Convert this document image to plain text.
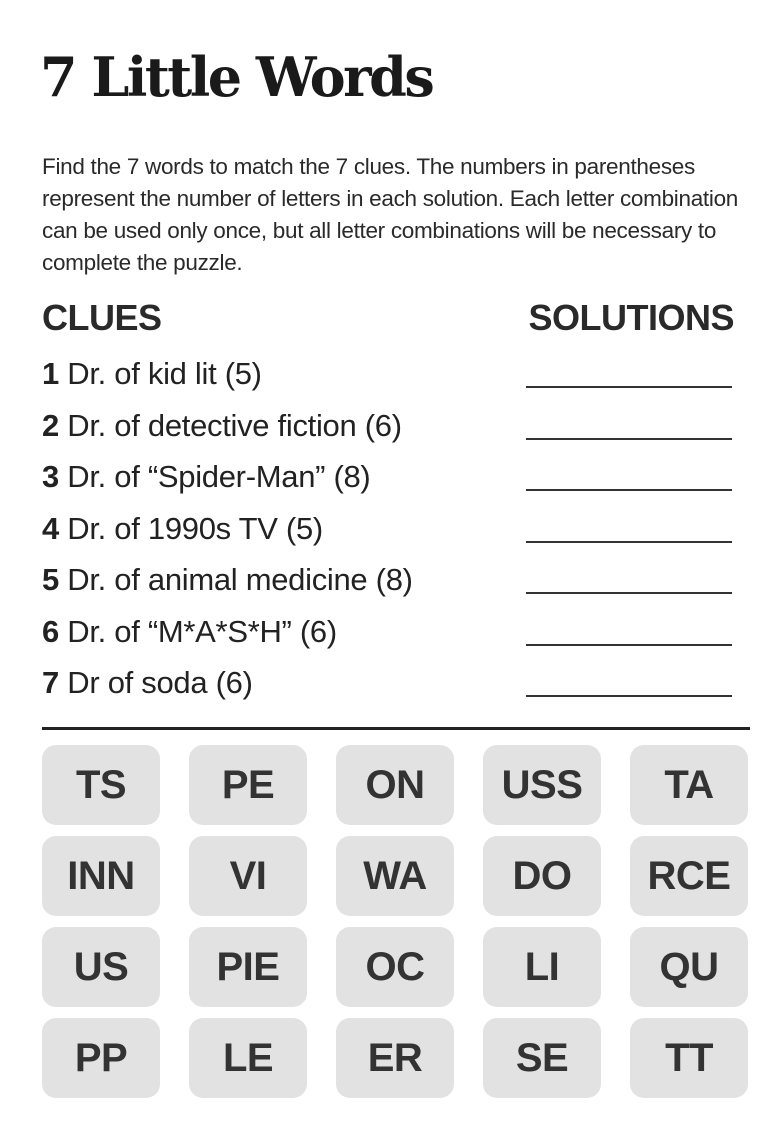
7 Little Words
Find the 7 words to match the 7 clues. The numbers in parentheses represent the number of letters in each solution. Each letter combination can be used only once, but all letter combinations will be necessary to complete the puzzle.
CLUES	SOLUTIONS
1 Dr. of kid lit (5)
2 Dr. of detective fiction (6)
3 Dr. of “Spider-Man” (8)
4 Dr. of 1990s TV (5)
5 Dr. of animal medicine (8)
6 Dr. of “M*A*S*H” (6)
7 Dr of soda (6)
TS	PE	ON	USS	TA
INN	VI	WA	DO	RCE
US	PIE	OC	LI	QU
PP	LE	ER	SE	TT
